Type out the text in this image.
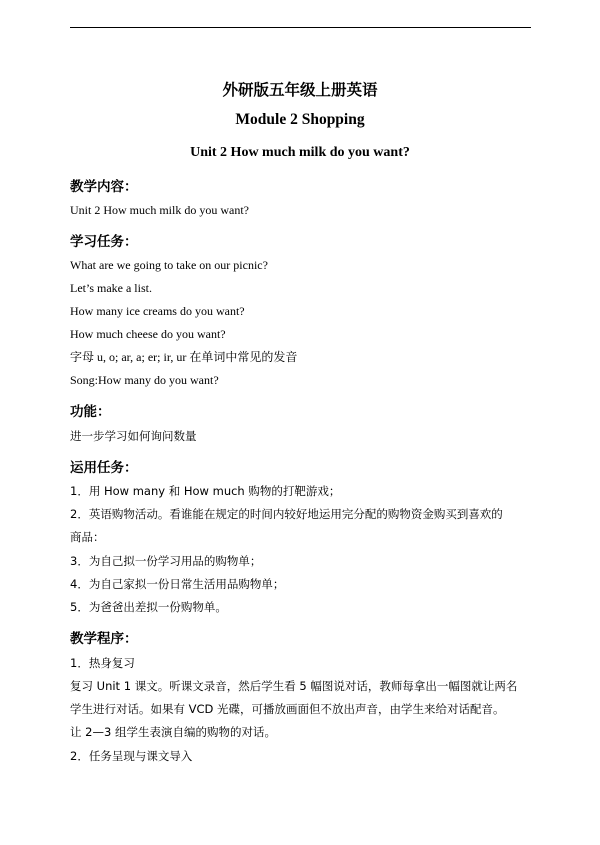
外研版五年级上册英语
Module 2 Shopping
Unit 2 How much milk do you want?
教学内容：
Unit 2 How much milk do you want?
学习任务：
What are we going to take on our picnic?
Let’s make a list.
How many ice creams do you want?
How much cheese do you want?
字母 u, o; ar, a; er; ir, ur 在单词中常见的发音
Song:How many do you want?
功能：
进一步学习如何询问数量
运用任务：
1．用 How many 和 How much 购物的打靶游戏；
2．英语购物活动。看谁能在规定的时间内较好地运用完分配的购物资金购买到喜欢的
商品：
3．为自己拟一份学习用品的购物单；
4．为自己家拟一份日常生活用品购物单；
5．为爸爸出差拟一份购物单。
教学程序：
1．热身复习
复习 Unit 1 课文。听课文录音，然后学生看 5 幅图说对话，教师每拿出一幅图就让两名
学生进行对话。如果有 VCD 光碟，可播放画面但不放出声音，由学生来给对话配音。
让 2—3 组学生表演自编的购物的对话。
2．任务呈现与课文导入
